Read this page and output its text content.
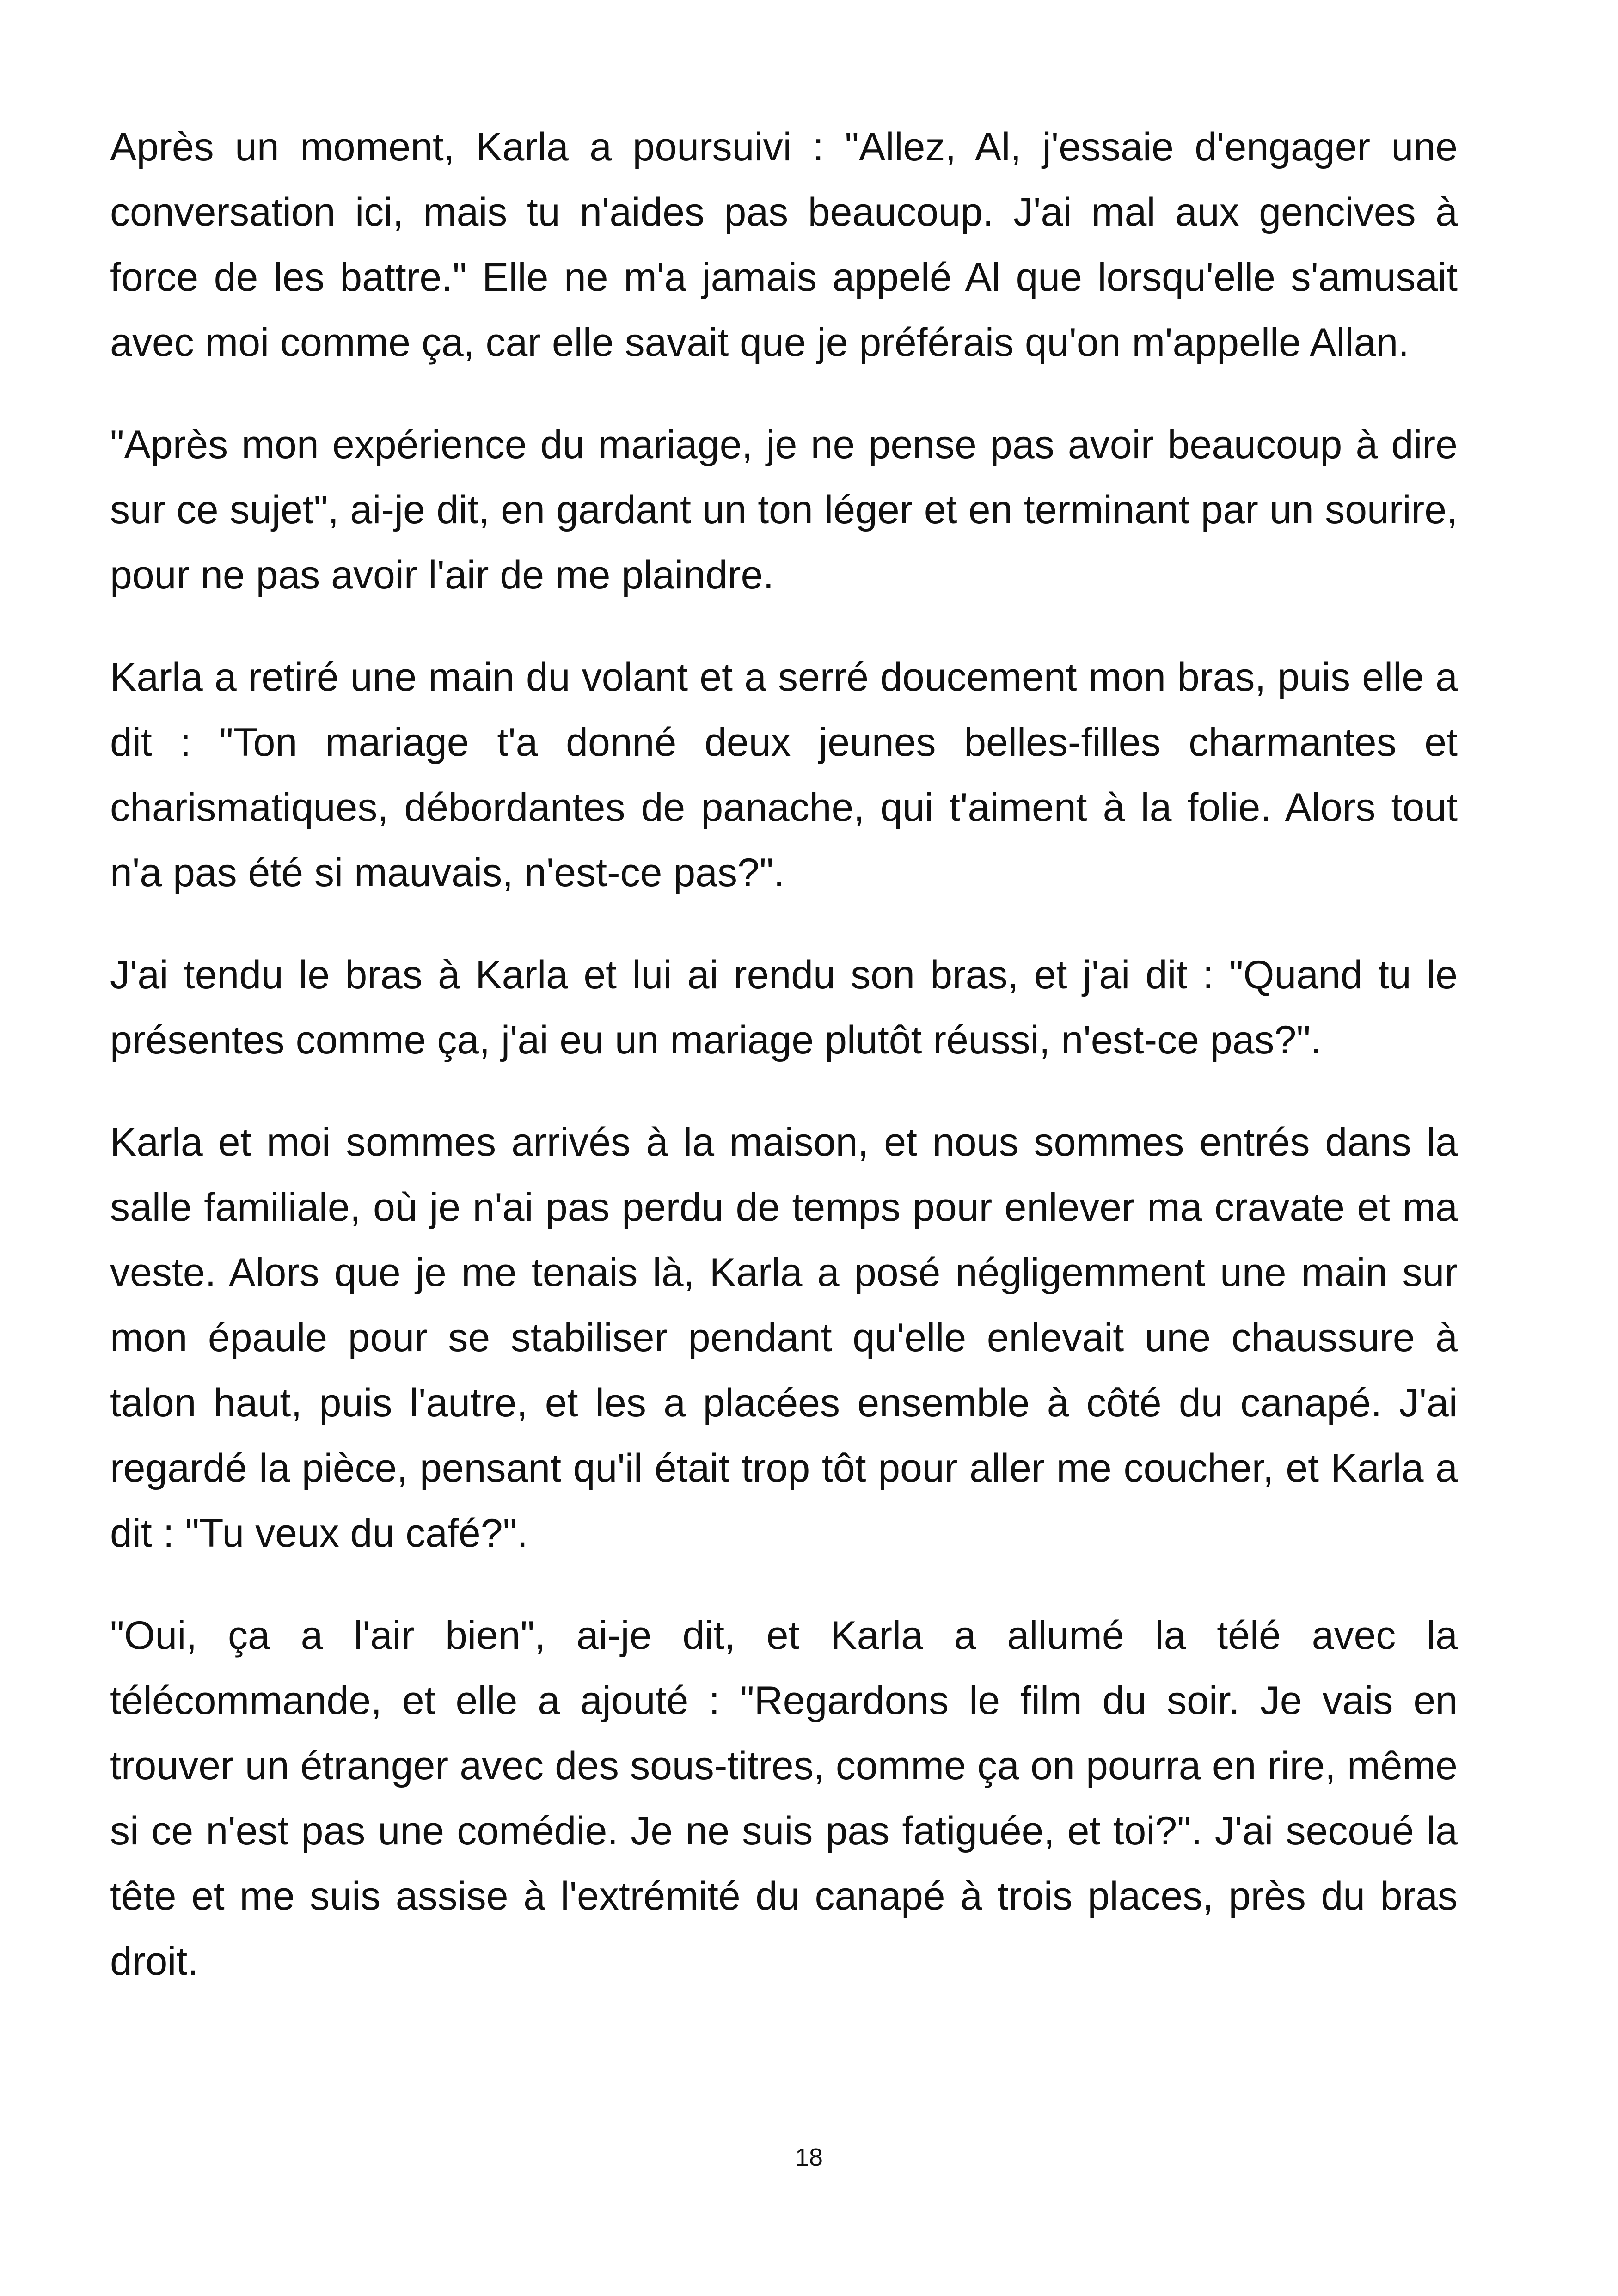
Après un moment, Karla a poursuivi : "Allez, Al, j'essaie d'engager une conversation ici, mais tu n'aides pas beaucoup. J'ai mal aux gencives à force de les battre." Elle ne m'a jamais appelé Al que lorsqu'elle s'amusait avec moi comme ça, car elle savait que je préférais qu'on m'appelle Allan.

"Après mon expérience du mariage, je ne pense pas avoir beaucoup à dire sur ce sujet", ai-je dit, en gardant un ton léger et en terminant par un sourire, pour ne pas avoir l'air de me plaindre.

Karla a retiré une main du volant et a serré doucement mon bras, puis elle a dit : "Ton mariage t'a donné deux jeunes belles-filles charmantes et charismatiques, débordantes de panache, qui t'aiment à la folie. Alors tout n'a pas été si mauvais, n'est-ce pas?".

J'ai tendu le bras à Karla et lui ai rendu son bras, et j'ai dit : "Quand tu le présentes comme ça, j'ai eu un mariage plutôt réussi, n'est-ce pas?".

Karla et moi sommes arrivés à la maison, et nous sommes entrés dans la salle familiale, où je n'ai pas perdu de temps pour enlever ma cravate et ma veste. Alors que je me tenais là, Karla a posé négligemment une main sur mon épaule pour se stabiliser pendant qu'elle enlevait une chaussure à talon haut, puis l'autre, et les a placées ensemble à côté du canapé. J'ai regardé la pièce, pensant qu'il était trop tôt pour aller me coucher, et Karla a dit : "Tu veux du café?".

"Oui, ça a l'air bien", ai-je dit, et Karla a allumé la télé avec la télécommande, et elle a ajouté : "Regardons le film du soir. Je vais en trouver un étranger avec des sous-titres, comme ça on pourra en rire, même si ce n'est pas une comédie. Je ne suis pas fatiguée, et toi?". J'ai secoué la tête et me suis assise à l'extrémité du canapé à trois places, près du bras droit.

18
